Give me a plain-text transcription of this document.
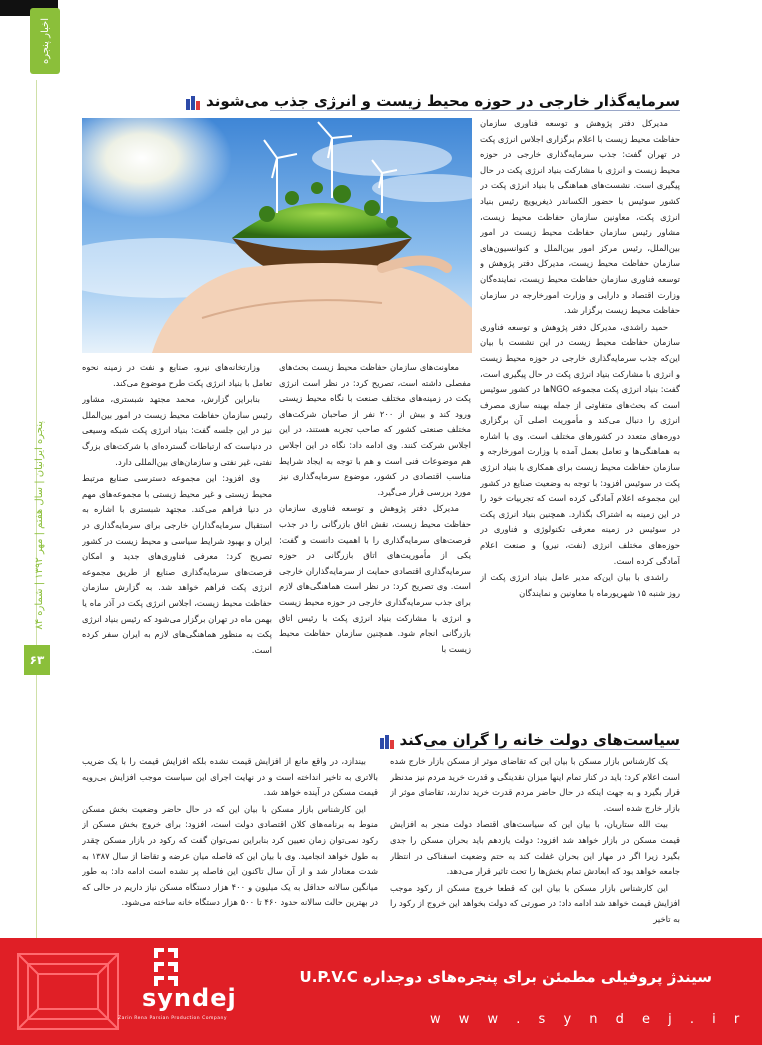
اخبار پنجره
پنجره ایرانیان | سال هفتم | مهر ۱۳۹۲ | شماره ۸۴
۶۳
سرمایه‌گذار خارجی در حوزه محیط زیست و انرژی جذب می‌شوند

مدیرکل دفتر پژوهش و توسعه فناوری سازمان حفاظت محیط زیست با اعلام برگزاری اجلاس انرژی پکت در تهران گفت: جذب سرمایه‌گذاری خارجی در حوزه محیط زیست و انرژی با مشارکت بنیاد انرژی پکت در حال پیگیری است. نشست‌های هماهنگی با بنیاد انرژی پکت در کشور سوئیس با حضور الکساندر ذیغریویچ رئیس بنیاد انرژی پکت، معاونین سازمان حفاظت محیط زیست، مشاور رئیس سازمان حفاظت محیط زیست در امور بین‌الملل، رئیس مرکز امور بین‌الملل و کنوانسیون‌های سازمان حفاظت محیط زیست، مدیرکل دفتر پژوهش و توسعه فناوری سازمان حفاظت محیط زیست، نماینده‌گان وزارت اقتصاد و دارایی و وزارت امورخارجه در سازمان حفاظت محیط زیست برگزار شد.

حمید راشدی، مدیرکل دفتر پژوهش و توسعه فناوری سازمان حفاظت محیط زیست در این نشست با بیان این‌که جذب سرمایه‌گذاری خارجی در حوزه محیط زیست و انرژی با مشارکت بنیاد انرژی پکت در حال پیگیری است، گفت: بنیاد انرژی پکت مجموعه NGOها در کشور سوئیس است که بحث‌های متفاوتی از جمله بهینه سازی مصرف انرژی را دنبال می‌کند و مأموریت اصلی آن برگزاری دوره‌های متعدد در کشورهای مختلف است. وی با اشاره به هماهنگی‌ها و تعامل بعمل آمده با وزارت امورخارجه و سازمان حفاظت محیط زیست برای همکاری با بنیاد انرژی پکت در سوئیس افزود: با توجه به وضعیت صنایع در کشور این مجموعه اعلام آمادگی کرده است که تجربیات خود را در این زمینه به اشتراک بگذارد. همچنین بنیاد انرژی پکت در سوئیس در زمینه معرفی تکنولوژی و فناوری در حوزه‌های مختلف انرژی (نفت، نیرو) و صنعت اعلام آمادگی کرده است.

راشدی با بیان این‌که مدیر عامل بنیاد انرژی پکت از روز شنبه ۱۵ شهریورماه با معاونین و نمایندگان

معاونت‌های سازمان حفاظت محیط زیست بحث‌های مفصلی داشته است، تصریح کرد: در نظر است انرژی پکت در زمینه‌های مختلف صنعت با نگاه محیط زیستی ورود کند و بیش از ۲۰۰ نفر از صاحبان شرکت‌های مختلف صنعتی کشور که صاحب تجربه هستند، در این اجلاس شرکت کنند. وی ادامه داد: نگاه در این اجلاس هم موضوعات فنی است و هم با توجه به ایجاد شرایط مناسب اقتصادی در کشور، موضوع سرمایه‌گذاری نیز مورد بررسی قرار می‌گیرد.

مدیرکل دفتر پژوهش و توسعه فناوری سازمان حفاظت محیط زیست، نقش اتاق بازرگانی را در جذب فرصت‌های سرمایه‌گذاری را با اهمیت دانست و گفت: یکی از مأموریت‌های اتاق بازرگانی در حوزه سرمایه‌گذاری اقتصادی حمایت از سرمایه‌گذاران خارجی است. وی تصریح کرد: در نظر است هماهنگی‌های لازم برای جذب سرمایه‌گذاری خارجی در حوزه محیط زیست و انرژی با مشارکت بنیاد انرژی پکت با رئیس اتاق بازرگانی انجام شود. همچنین سازمان حفاظت محیط زیست با

وزارتخانه‌های نیرو، صنایع و نفت در زمینه نحوه تعامل با بنیاد انرژی پکت طرح موضوع می‌کند.

بنابراین گزارش، محمد مجتهد شبستری، مشاور رئیس سازمان حفاظت محیط زیست در امور بین‌الملل نیز در این جلسه گفت: بنیاد انرژی پکت شبکه وسیعی در دنیاست که ارتباطات گسترده‌ای با شرکت‌های بزرگ نفتی، غیر نفتی و سازمان‌های بین‌المللی دارد.

وی افزود: این مجموعه دسترسی صنایع مرتبط محیط زیستی و غیر محیط زیستی با مجموعه‌های مهم در دنیا فراهم می‌کند. مجتهد شبستری با اشاره به استقبال سرمایه‌گذاران خارجی برای سرمایه‌گذاری در ایران و بهبود شرایط سیاسی و محیط زیست در کشور تصریح کرد: معرفی فناوری‌های جدید و امکان فرصت‌های سرمایه‌گذاری صنایع از طریق مجموعه انرژی پکت فراهم خواهد شد. به گزارش سازمان حفاظت محیط زیست، اجلاس انرژی پکت در آذر ماه یا بهمن ماه در تهران برگزار می‌شود که رئیس بنیاد انرژی پکت به منظور هماهنگی‌های لازم به ایران سفر کرده است.

سیاست‌های دولت خانه را گران می‌کند

یک کارشناس بازار مسکن با بیان این که تقاضای موثر از مسکن بازار خارج شده است اعلام کرد: باید در کنار تمام اینها میزان نقدینگی و قدرت خرید مردم نیز مدنظر قرار بگیرد و به جهت اینکه در حال حاضر مردم قدرت خرید ندارند، تقاضای موثر از بازار خارج شده است.

بیت الله ستاریان، با بیان این که سیاست‌های اقتصاد دولت منجر به افزایش قیمت مسکن در بازار خواهد شد افزود: دولت یازدهم باید بحران مسکن را جدی بگیرد زیرا اگر در مهار این بحران غفلت کند به حتم وضعیت اسفناکی در انتظار جامعه خواهد بود که ابعادش تمام بخش‌ها را تحت تاثیر قرار می‌دهد.

این کارشناس بازار مسکن با بیان این که قطعا خروج مسکن از رکود موجب افزایش قیمت خواهد شد ادامه داد: در صورتی که دولت بخواهد این خروج از رکود را به تاخیر

بیندازد، در واقع مانع از افزایش قیمت نشده بلکه افزایش قیمت را با یک ضریب بالاتری به تاخیر انداخته است و در نهایت اجرای این سیاست موجب افزایش بی‌رویه قیمت مسکن در آینده خواهد شد.

این کارشناس بازار مسکن با بیان این که در حال حاضر وضعیت بخش مسکن منوط به برنامه‌های کلان اقتصادی دولت است، افزود: برای خروج بخش مسکن از رکود نمی‌توان زمان تعیین کرد بنابراین نمی‌توان گفت که رکود در بازار مسکن چقدر به طول خواهد انجامید. وی با بیان این که فاصله میان عرضه و تقاضا از سال ۱۳۸۷ به شدت معنادار شد و از آن سال تاکنون این فاصله پر نشده است ادامه داد: به طور میانگین سالانه حداقل به یک میلیون و ۴۰۰ هزار دستگاه مسکن نیاز داریم در حالی که در بهترین حالت سالانه حدود ۴۶۰ تا ۵۰۰ هزار دستگاه خانه ساخته می‌شود.

syndej
Zarin Rena Parsian Production Company
سیندژ پروفیلی مطمئن برای پنجره‌های دوجداره U.P.V.C
w w w . s y n d e j . i r
